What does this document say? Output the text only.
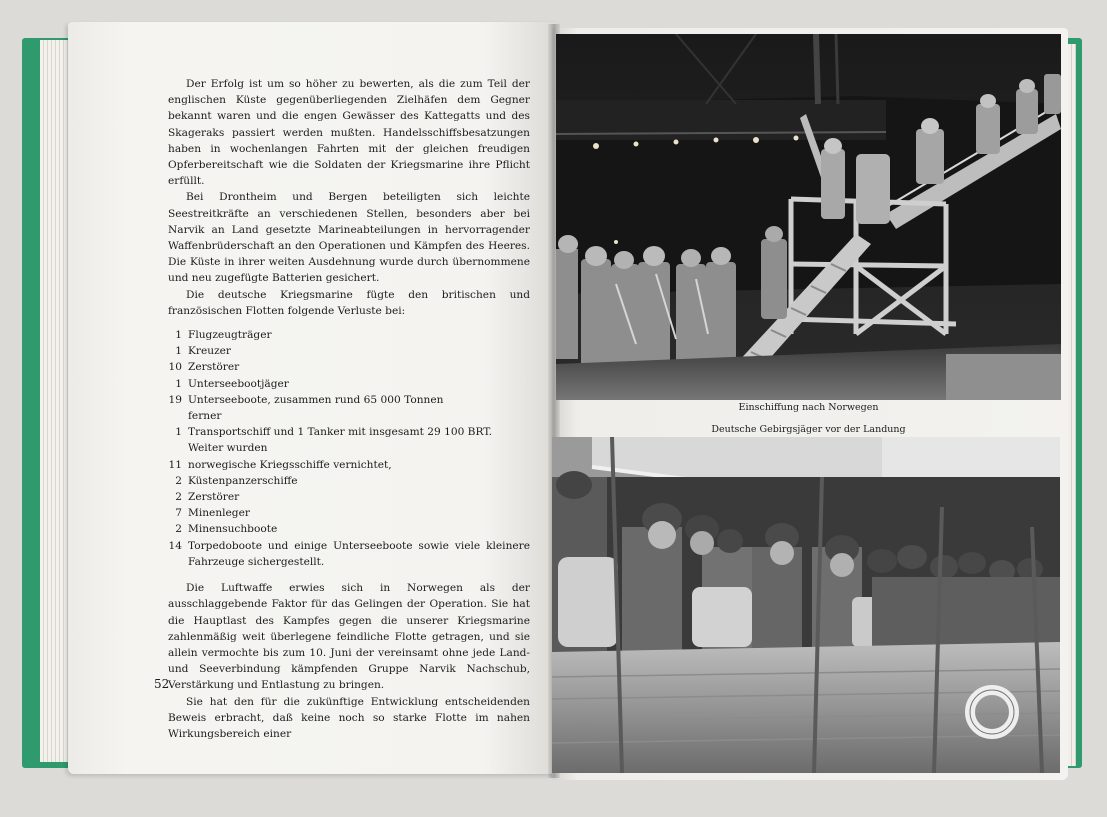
Der Erfolg ist um so höher zu bewerten, als die zum Teil der englischen Küste gegenüberliegenden Zielhäfen dem Gegner bekannt waren und die engen Gewässer des Kattegatts und des Skageraks passiert werden mußten. Handelsschiffsbesatzungen haben in wochenlangen Fahrten mit der gleichen freudigen Opferbereitschaft wie die Soldaten der Kriegsmarine ihre Pflicht erfüllt.

Bei Drontheim und Bergen beteiligten sich leichte Seestreitkräfte an verschiedenen Stellen, besonders aber bei Narvik an Land gesetzte Marineabteilungen in hervorragender Waffenbrüderschaft an den Operationen und Kämpfen des Heeres. Die Küste in ihrer weiten Ausdehnung wurde durch übernommene und neu zugefügte Batterien gesichert.

Die deutsche Kriegsmarine fügte den britischen und französischen Flotten folgende Verluste bei:

1 Flugzeugträger
1 Kreuzer
10 Zerstörer
1 Unterseebootjäger
19 Unterseeboote, zusammen rund 65 000 Tonnen
ferner
1 Transportschiff und 1 Tanker mit insgesamt 29 100 BRT.
Weiter wurden
11 norwegische Kriegsschiffe vernichtet,
2 Küstenpanzerschiffe
2 Zerstörer
7 Minenleger
2 Minensuchboote
14 Torpedoboote und einige Unterseeboote sowie viele kleinere Fahrzeuge sichergestellt.

Die Luftwaffe erwies sich in Norwegen als der ausschlaggebende Faktor für das Gelingen der Operation. Sie hat die Hauptlast des Kampfes gegen die unserer Kriegsmarine zahlenmäßig weit überlegene feindliche Flotte getragen, und sie allein vermochte bis zum 10. Juni der vereinsamt ohne jede Land- und Seeverbindung kämpfenden Gruppe Narvik Nachschub, Verstärkung und Entlastung zu bringen.

Sie hat den für die zukünftige Entwicklung entscheidenden Beweis erbracht, daß keine noch so starke Flotte im nahen Wirkungsbereich einer

52
Einschiffung nach Norwegen
Deutsche Gebirgsjäger vor der Landung
